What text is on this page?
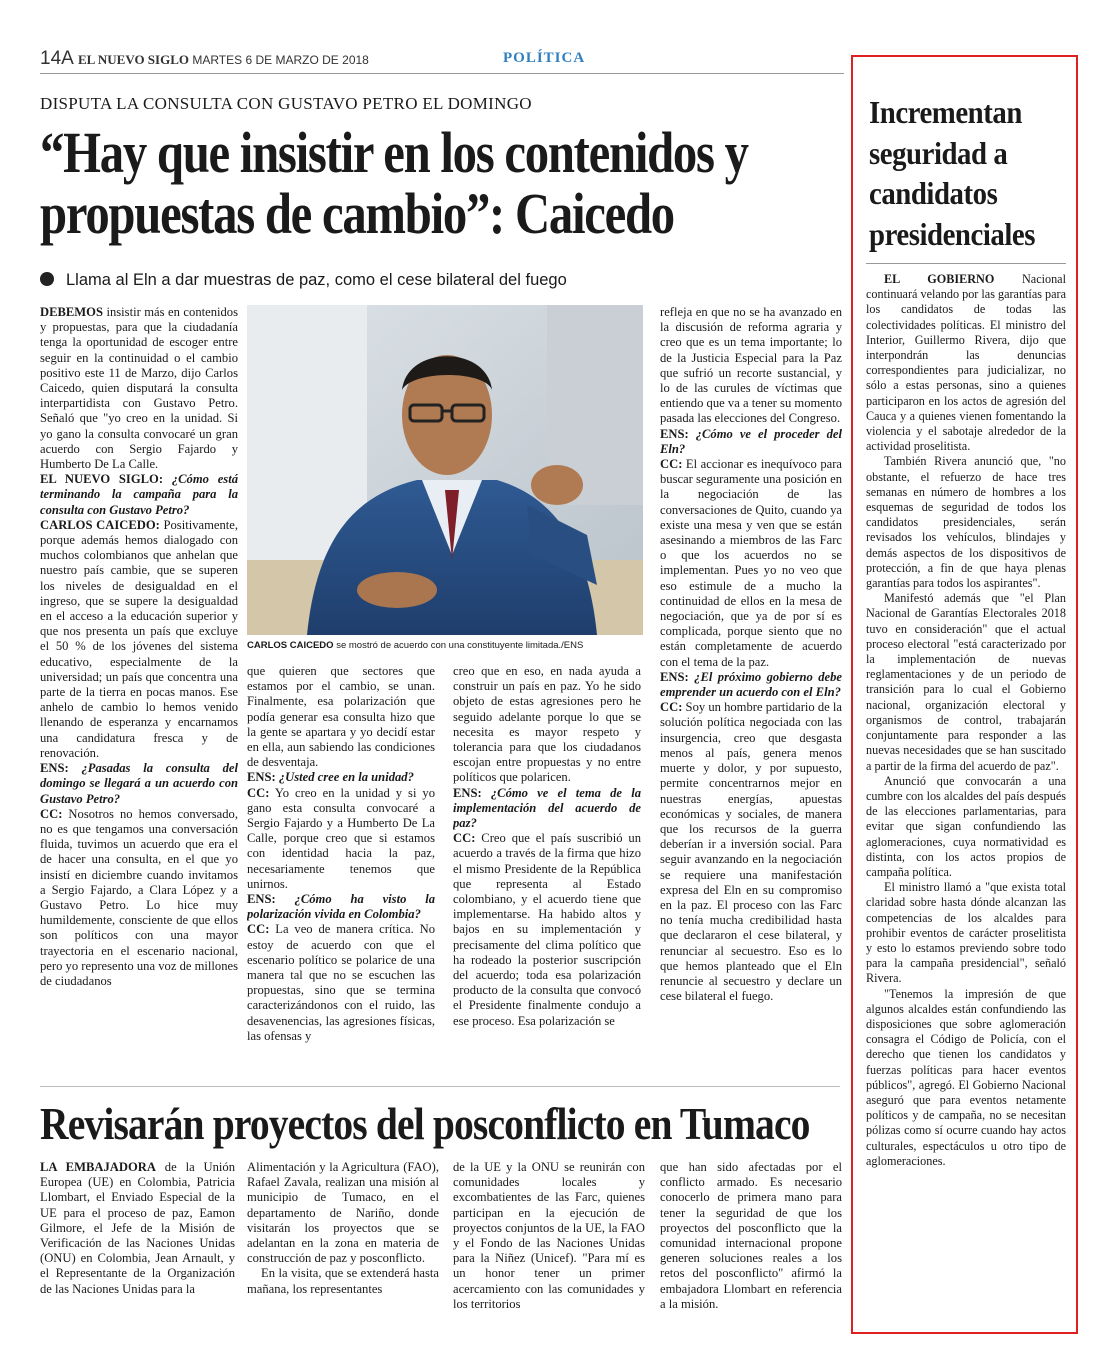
14A EL NUEVO SIGLO MARTES 6 DE MARZO DE 2018	POLÍTICA
DISPUTA LA CONSULTA CON GUSTAVO PETRO EL DOMINGO
“Hay que insistir en los contenidos y propuestas de cambio”: Caicedo
Llama al Eln a dar muestras de paz, como el cese bilateral del fuego

DEBEMOS insistir más en contenidos y propuestas, para que la ciudadanía tenga la oportunidad de escoger entre seguir en la continuidad o el cambio positivo este 11 de Marzo, dijo Carlos Caicedo, quien disputará la consulta interpartidista con Gustavo Petro. Señaló que "yo creo en la unidad. Si yo gano la consulta convocaré un gran acuerdo con Sergio Fajardo y Humberto De La Calle.

EL NUEVO SIGLO: ¿Cómo está terminando la campaña para la consulta con Gustavo Petro?

CARLOS CAICEDO: Positivamente, porque además hemos dialogado con muchos colombianos que anhelan que nuestro país cambie, que se superen los niveles de desigualdad en el ingreso, que se supere la desigualdad en el acceso a la educación superior y que nos presenta un país que excluye el 50 % de los jóvenes del sistema educativo, especialmente de la universidad; un país que concentra una parte de la tierra en pocas manos. Ese anhelo de cambio lo hemos venido llenando de esperanza y encarnamos una candidatura fresca y de renovación.

ENS: ¿Pasadas la consulta del domingo se llegará a un acuerdo con Gustavo Petro?

CC: Nosotros no hemos conversado, no es que tengamos una conversación fluida, tuvimos un acuerdo que era el de hacer una consulta, en el que yo insistí en diciembre cuando invitamos a Sergio Fajardo, a Clara López y a Gustavo Petro. Lo hice muy humildemente, consciente de que ellos son políticos con una mayor trayectoria en el escenario nacional, pero yo represento una voz de millones de ciudadanos

CARLOS CAICEDO se mostró de acuerdo con una constituyente limitada./ENS

que quieren que sectores que estamos por el cambio, se unan. Finalmente, esa polarización que podía generar esa consulta hizo que la gente se apartara y yo decidí estar en ella, aun sabiendo las condiciones de desventaja.

ENS: ¿Usted cree en la unidad?

CC: Yo creo en la unidad y si yo gano esta consulta convocaré a Sergio Fajardo y a Humberto De La Calle, porque creo que si estamos con identidad hacia la paz, necesariamente tenemos que unirnos.

ENS: ¿Cómo ha visto la polarización vivida en Colombia?

CC: La veo de manera crítica. No estoy de acuerdo con que el escenario político se polarice de una manera tal que no se escuchen las propuestas, sino que se termina caracterizándonos con el ruido, las desavenencias, las agresiones físicas, las ofensas y

creo que en eso, en nada ayuda a construir un país en paz. Yo he sido objeto de estas agresiones pero he seguido adelante porque lo que se necesita es mayor respeto y tolerancia para que los ciudadanos escojan entre propuestas y no entre políticos que polaricen.

ENS: ¿Cómo ve el tema de la implementación del acuerdo de paz?

CC: Creo que el país suscribió un acuerdo a través de la firma que hizo el mismo Presidente de la República que representa al Estado colombiano, y el acuerdo tiene que implementarse. Ha habido altos y bajos en su implementación y precisamente del clima político que ha rodeado la posterior suscripción del acuerdo; toda esa polarización producto de la consulta que convocó el Presidente finalmente condujo a ese proceso. Esa polarización se

refleja en que no se ha avanzado en la discusión de reforma agraria y creo que es un tema importante; lo de la Justicia Especial para la Paz que sufrió un recorte sustancial, y lo de las curules de víctimas que entiendo que va a tener su momento pasada las elecciones del Congreso.

ENS: ¿Cómo ve el proceder del Eln?

CC: El accionar es inequívoco para buscar seguramente una posición en la negociación de las conversaciones de Quito, cuando ya existe una mesa y ven que se están asesinando a miembros de las Farc o que los acuerdos no se implementan. Pues yo no veo que eso estimule de a mucho la continuidad de ellos en la mesa de negociación, que ya de por sí es complicada, porque siento que no están completamente de acuerdo con el tema de la paz.

ENS: ¿El próximo gobierno debe emprender un acuerdo con el Eln?

CC: Soy un hombre partidario de la solución política negociada con las insurgencia, creo que desgasta menos al país, genera menos muerte y dolor, y por supuesto, permite concentrarnos mejor en nuestras energías, apuestas económicas y sociales, de manera que los recursos de la guerra deberían ir a inversión social. Para seguir avanzando en la negociación se requiere una manifestación expresa del Eln en su compromiso en la paz. El proceso con las Farc no tenía mucha credibilidad hasta que declararon el cese bilateral, y renunciar al secuestro. Eso es lo que hemos planteado que el Eln renuncie al secuestro y declare un cese bilateral el fuego.

Revisarán proyectos del posconflicto en Tumaco

LA EMBAJADORA de la Unión Europea (UE) en Colombia, Patricia Llombart, el Enviado Especial de la UE para el proceso de paz, Eamon Gilmore, el Jefe de la Misión de Verificación de las Naciones Unidas (ONU) en Colombia, Jean Arnault, y el Representante de la Organización de las Naciones Unidas para la

Alimentación y la Agricultura (FAO), Rafael Zavala, realizan una misión al municipio de Tumaco, en el departamento de Nariño, donde visitarán los proyectos que se adelantan en la zona en materia de construcción de paz y posconflicto.

En la visita, que se extenderá hasta mañana, los representantes

de la UE y la ONU se reunirán con comunidades locales y excombatientes de las Farc, quienes participan en la ejecución de proyectos conjuntos de la UE, la FAO y el Fondo de las Naciones Unidas para la Niñez (Unicef). "Para mí es un honor tener un primer acercamiento con las comunidades y los territorios

que han sido afectadas por el conflicto armado. Es necesario conocerlo de primera mano para tener la seguridad de que los proyectos del posconflicto que la comunidad internacional propone generen soluciones reales a los retos del posconflicto" afirmó la embajadora Llombart en referencia a la misión.

Incrementan seguridad a candidatos presidenciales

EL GOBIERNO Nacional continuará velando por las garantías para los candidatos de todas las colectividades políticas. El ministro del Interior, Guillermo Rivera, dijo que interpondrán las denuncias correspondientes para judicializar, no sólo a estas personas, sino a quienes participaron en los actos de agresión del Cauca y a quienes vienen fomentando la violencia y el sabotaje alrededor de la actividad proselitista.

También Rivera anunció que, "no obstante, el refuerzo de hace tres semanas en número de hombres a los esquemas de seguridad de todos los candidatos presidenciales, serán revisados los vehículos, blindajes y demás aspectos de los dispositivos de protección, a fin de que haya plenas garantías para todos los aspirantes".

Manifestó además que "el Plan Nacional de Garantías Electorales 2018 tuvo en consideración" que el actual proceso electoral "está caracterizado por la implementación de nuevas reglamentaciones y de un periodo de transición para lo cual el Gobierno nacional, organización electoral y organismos de control, trabajarán conjuntamente para responder a las nuevas necesidades que se han suscitado a partir de la firma del acuerdo de paz".

Anunció que convocarán a una cumbre con los alcaldes del país después de las elecciones parlamentarias, para evitar que sigan confundiendo las aglomeraciones, cuya normatividad es distinta, con los actos propios de campaña política.

El ministro llamó a "que exista total claridad sobre hasta dónde alcanzan las competencias de los alcaldes para prohibir eventos de carácter proselitista y esto lo estamos previendo sobre todo para la campaña presidencial", señaló Rivera.

"Tenemos la impresión de que algunos alcaldes están confundiendo las disposiciones que sobre aglomeración consagra el Código de Policía, con el derecho que tienen los candidatos y fuerzas políticas para hacer eventos públicos", agregó. El Gobierno Nacional aseguró que para eventos netamente políticos y de campaña, no se necesitan pólizas como sí ocurre cuando hay actos culturales, espectáculos u otro tipo de aglomeraciones.
